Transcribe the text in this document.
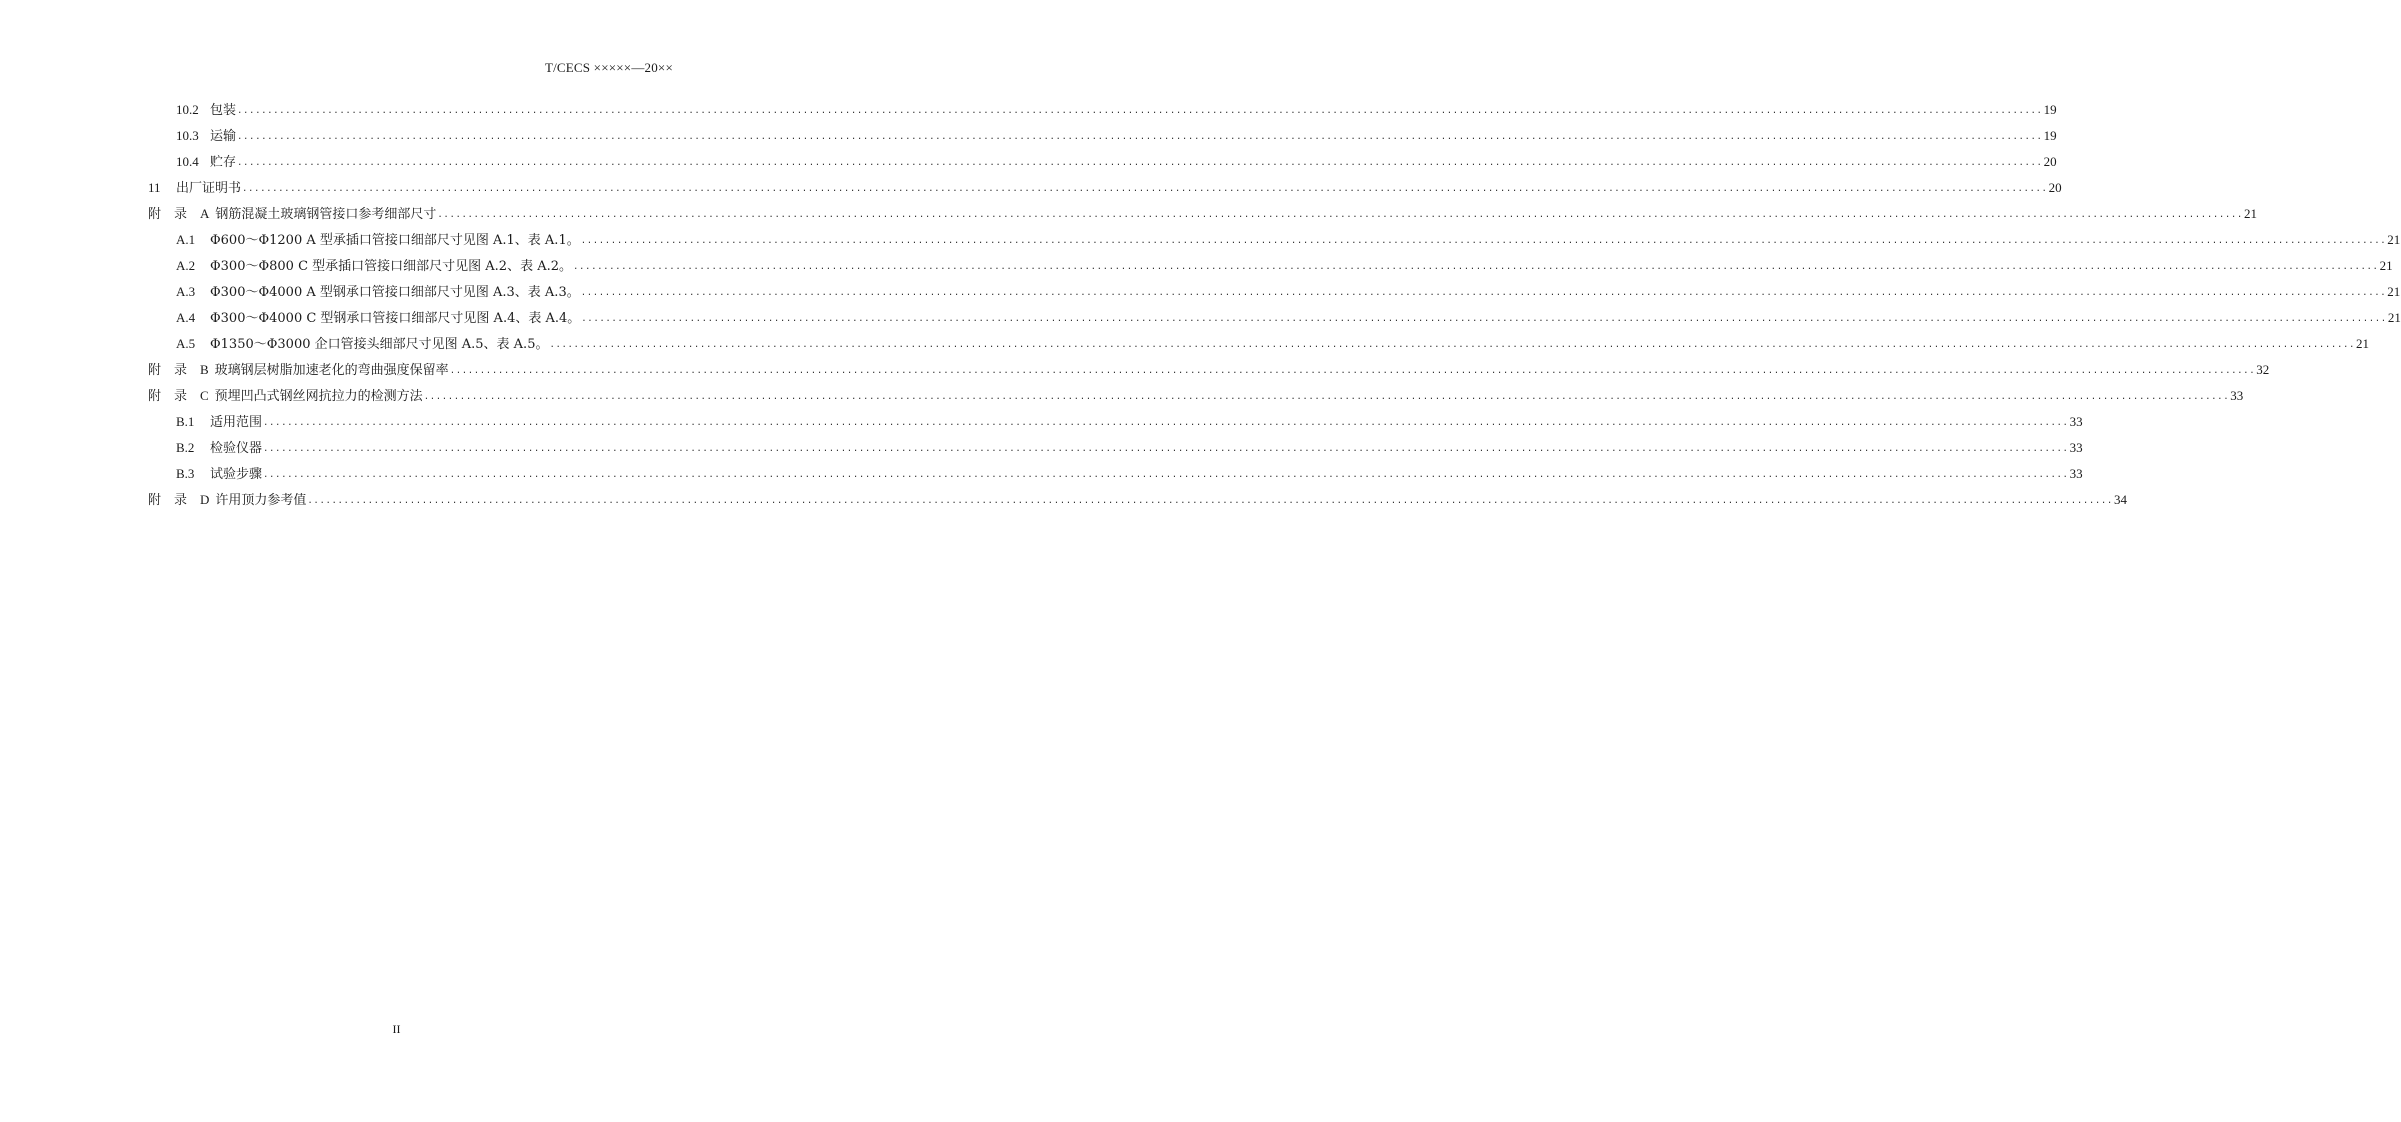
T/CECS ×××××—20××
10.2 包装 ............................................................................................................................................................................................................................................................................................................ 19
10.3 运输 ............................................................................................................................................................................................................................................................................................................ 19
10.4 贮存 ............................................................................................................................................................................................................................................................................................................ 20
11	出厂证明书 ............................................................................................................................................................................................................................................................................................................ 20
附　录　A 钢筋混凝土玻璃钢管接口参考细部尺寸 ............................................................................................................................................................................................................................................................................................................ 21
A.1	Φ600～Φ1200 A 型承插口管接口细部尺寸见图 A.1、表 A.1。 ............................................................................................................................................................................................................................................................................................................ 21
A.2	Φ300～Φ800 C 型承插口管接口细部尺寸见图 A.2、表 A.2。 ............................................................................................................................................................................................................................................................................................................ 21
A.3	Φ300～Φ4000 A 型钢承口管接口细部尺寸见图 A.3、表 A.3。 ............................................................................................................................................................................................................................................................................................................ 21
A.4	Φ300～Φ4000 C 型钢承口管接口细部尺寸见图 A.4、表 A.4。 ............................................................................................................................................................................................................................................................................................................ 21
A.5	Φ1350～Φ3000 企口管接头细部尺寸见图 A.5、表 A.5。 ............................................................................................................................................................................................................................................................................................................ 21
附　录　B 玻璃钢层树脂加速老化的弯曲强度保留率 ............................................................................................................................................................................................................................................................................................................ 32
附　录　C 预埋凹凸式钢丝网抗拉力的检测方法 ............................................................................................................................................................................................................................................................................................................ 33
B.1	适用范围 ............................................................................................................................................................................................................................................................................................................ 33
B.2	检验仪器 ............................................................................................................................................................................................................................................................................................................ 33
B.3	试验步骤 ............................................................................................................................................................................................................................................................................................................ 33
附　录　D 许用顶力参考值 ............................................................................................................................................................................................................................................................................................................ 34
II
